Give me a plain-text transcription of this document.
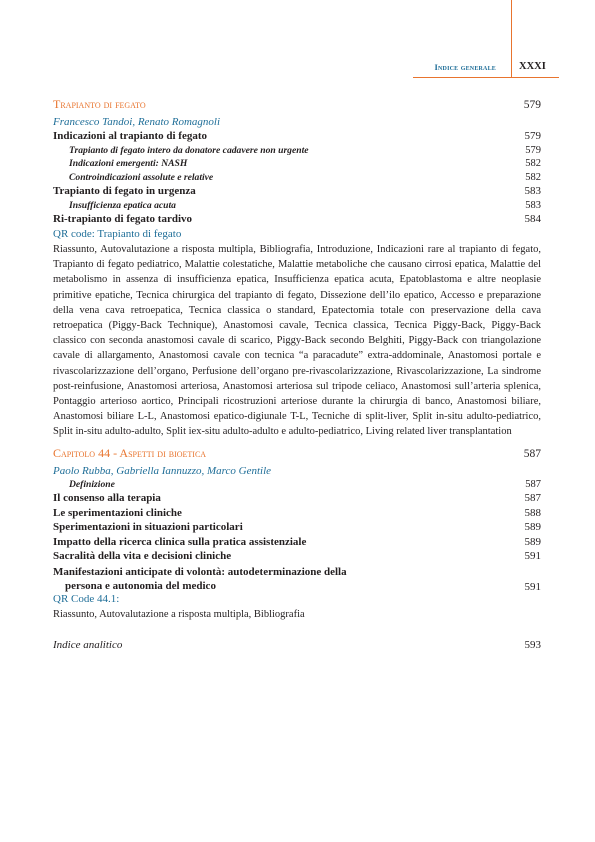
Indice generale XXXI
Trapianto di fegato	579
Francesco Tandoi, Renato Romagnoli
Indicazioni al trapianto di fegato	579
Trapianto di fegato intero da donatore cadavere non urgente	579
Indicazioni emergenti: NASH	582
Controindicazioni assolute e relative	582
Trapianto di fegato in urgenza	583
Insufficienza epatica acuta	583
Ri-trapianto di fegato tardivo	584
QR code: Trapianto di fegato

Riassunto, Autovalutazione a risposta multipla, Bibliografia, Introduzione, Indicazioni rare al trapianto di fegato, Trapianto di fegato pediatrico, Malattie colestatiche, Malattie metaboliche che causano cirrosi epatica, Malattie del metabolismo in assenza di insufficienza epatica, Insufficienza epatica acuta, Epatoblastoma e altre neoplasie primitive epatiche, Tecnica chirurgica del trapianto di fegato, Dissezione dell’ilo epatico, Accesso e preparazione della vena cava retroepatica, Tecnica classica o standard, Epatectomia totale con preservazione della cava retroepatica (Piggy-Back Technique), Anastomosi cavale, Tecnica classica, Tecnica Piggy-Back, Piggy-Back classico con seconda anastomosi cavale di scarico, Piggy-Back secondo Belghiti, Piggy-Back con triangolazione cavale di allargamento, Anastomosi cavale con tecnica “a paracadute” extra-addominale, Anastomosi portale e rivascolarizzazione dell’organo, Perfusione dell’organo pre-rivascolarizzazione, Rivascolarizzazione, La sindrome post-reinfusione, Anastomosi arteriosa, Anastomosi arteriosa sul tripode celiaco, Anastomosi sull’arteria splenica, Pontaggio arterioso aortico, Principali ricostruzioni arteriose durante la chirurgia di banco, Anastomosi biliare, Anastomosi biliare L-L, Anastomosi epatico-digiunale T-L, Tecniche di split-liver, Split in-situ adulto-pediatrico, Split in-situ adulto-adulto, Split iex-situ adulto-adulto e adulto-pediatrico, Living related liver transplantation

Capitolo 44 - Aspetti di bioetica	587
Paolo Rubba, Gabriella Iannuzzo, Marco Gentile
Definizione	587
Il consenso alla terapia	587
Le sperimentazioni cliniche	588
Sperimentazioni in situazioni particolari	589
Impatto della ricerca clinica sulla pratica assistenziale	589
Sacralità della vita e decisioni cliniche	591
Manifestazioni anticipate di volontà: autodeterminazione della
persona e autonomia del medico	591
QR Code 44.1:

Riassunto, Autovalutazione a risposta multipla, Bibliografia

Indice analitico	593
